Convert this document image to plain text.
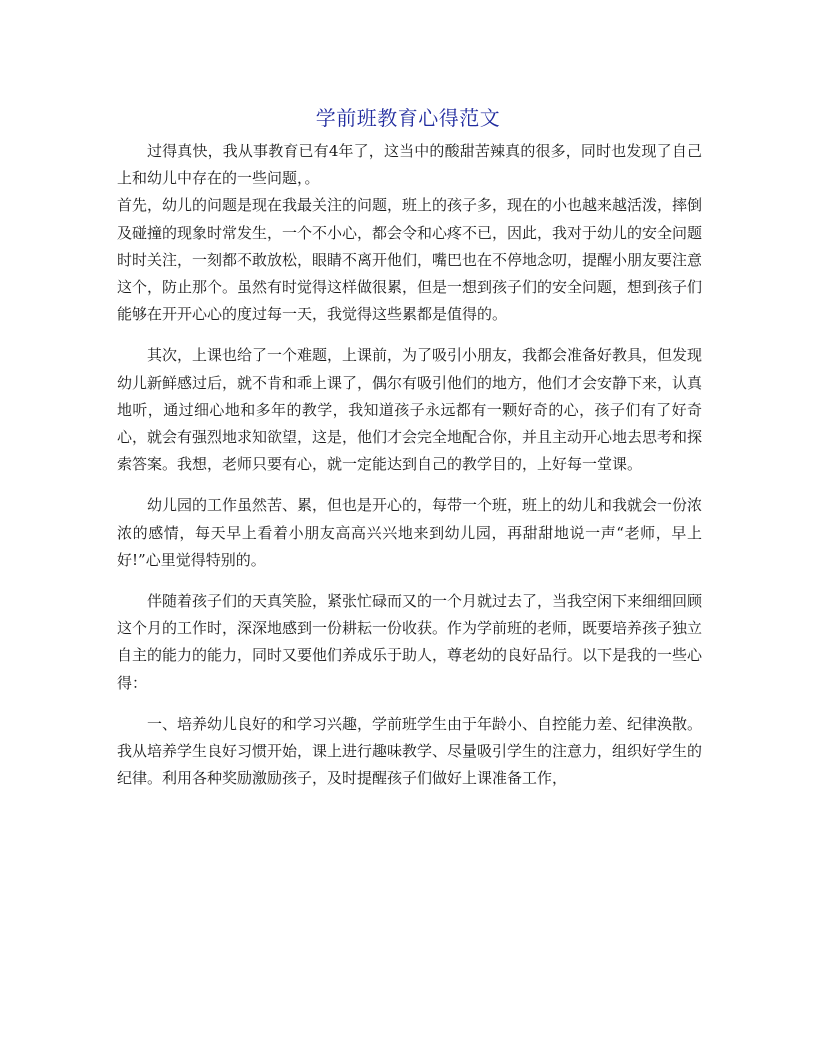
学前班教育心得范文

过得真快，我从事教育已有4年了，这当中的酸甜苦辣真的很多，同时也发现了自己上和幼儿中存在的一些问题，。

首先，幼儿的问题是现在我最关注的问题，班上的孩子多，现在的小也越来越活泼，摔倒及碰撞的现象时常发生，一个不小心，都会令和心疼不已，因此，我对于幼儿的安全问题时时关注，一刻都不敢放松，眼睛不离开他们，嘴巴也在不停地念叨，提醒小朋友要注意这个，防止那个。虽然有时觉得这样做很累，但是一想到孩子们的安全问题，想到孩子们能够在开开心心的度过每一天，我觉得这些累都是值得的。

其次，上课也给了一个难题，上课前，为了吸引小朋友，我都会准备好教具，但发现幼儿新鲜感过后，就不肯和乖上课了，偶尔有吸引他们的地方，他们才会安静下来，认真地听，通过细心地和多年的教学，我知道孩子永远都有一颗好奇的心，孩子们有了好奇心，就会有强烈地求知欲望，这是，他们才会完全地配合你，并且主动开心地去思考和探索答案。我想，老师只要有心，就一定能达到自己的教学目的，上好每一堂课。

幼儿园的工作虽然苦、累，但也是开心的，每带一个班，班上的幼儿和我就会一份浓浓的感情，每天早上看着小朋友高高兴兴地来到幼儿园，再甜甜地说一声“老师，早上好!”心里觉得特别的。

伴随着孩子们的天真笑脸，紧张忙碌而又的一个月就过去了，当我空闲下来细细回顾这个月的工作时，深深地感到一份耕耘一份收获。作为学前班的老师，既要培养孩子独立自主的能力的能力，同时又要他们养成乐于助人，尊老幼的良好品行。以下是我的一些心得：

一、培养幼儿良好的和学习兴趣，学前班学生由于年龄小、自控能力差、纪律涣散。我从培养学生良好习惯开始，课上进行趣味教学、尽量吸引学生的注意力，组织好学生的纪律。利用各种奖励激励孩子，及时提醒孩子们做好上课准备工作，
